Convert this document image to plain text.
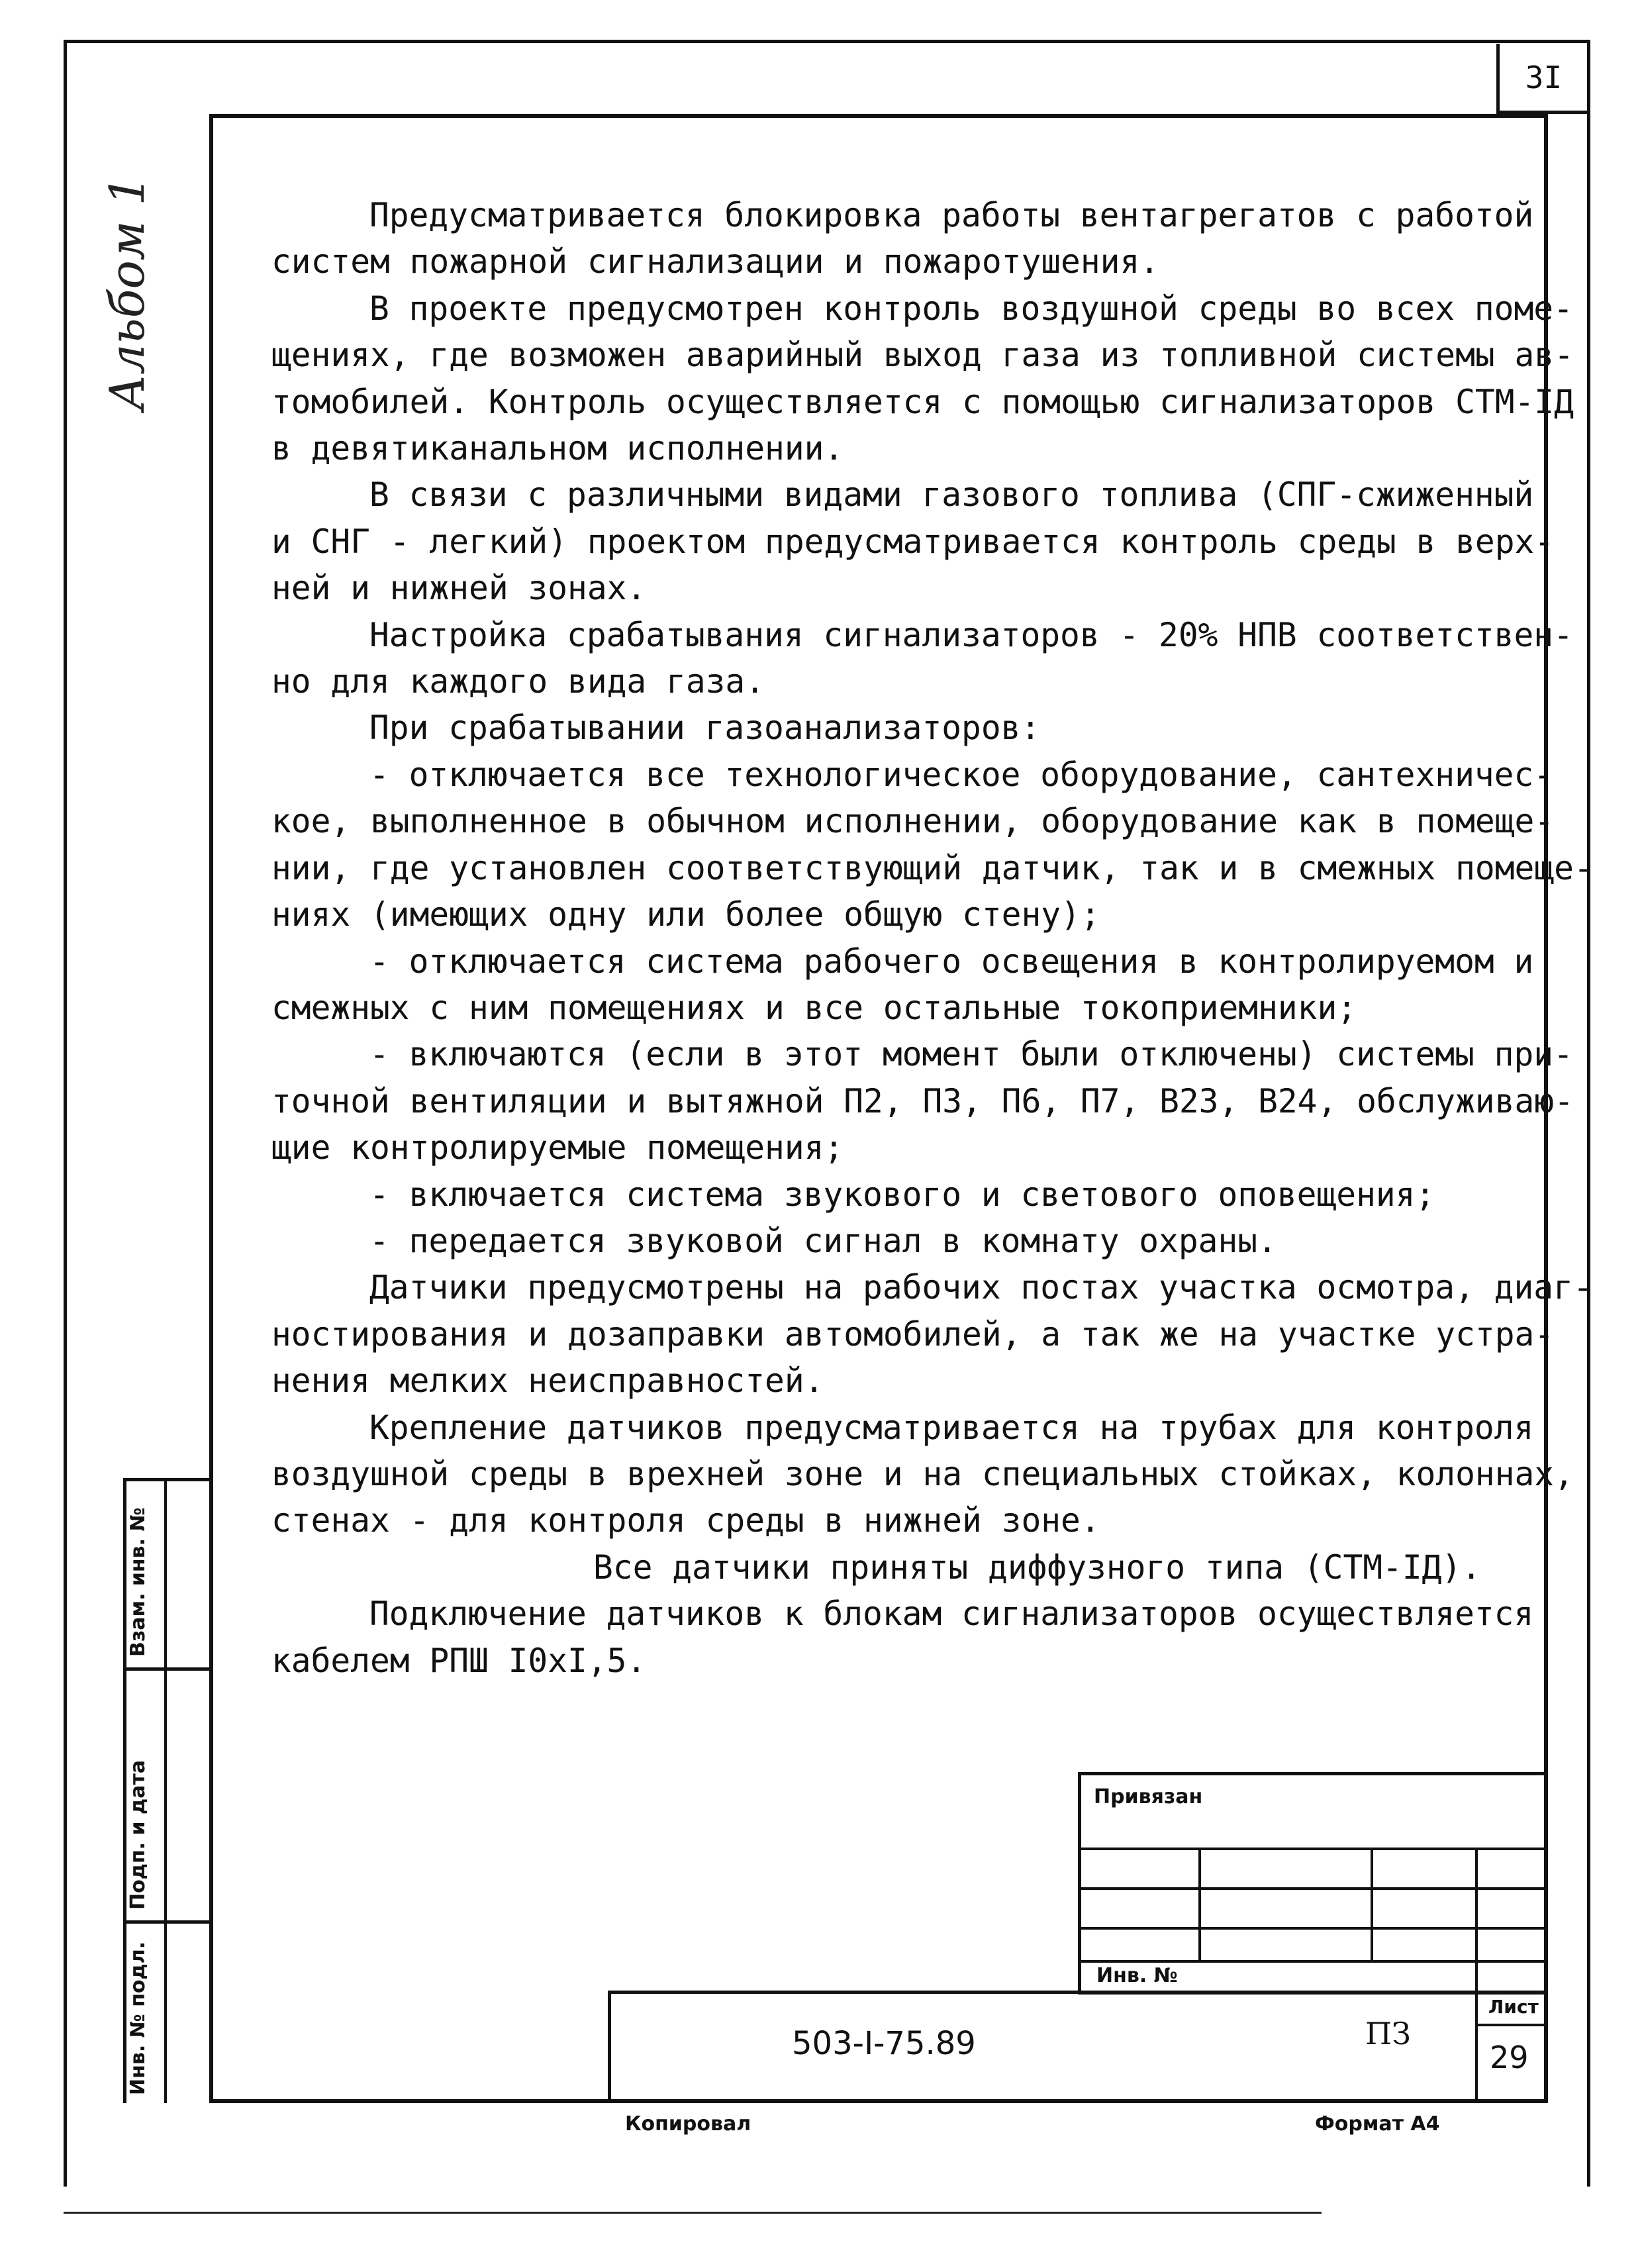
3I
Альбом 1	Предусматривается блокировка работы вентагрегатов с работой

систем пожарной сигнализации и пожаротушения.

В проекте предусмотрен контроль воздушной среды во всех поме-

щениях, где возможен аварийный выход газа из топливной системы ав-

томобилей. Контроль осуществляется с помощью сигнализаторов СТМ-IД

в девятиканальном исполнении.

В связи с различными видами газового топлива (СПГ-сжиженный

и СНГ - легкий) проектом предусматривается контроль среды в верх-

ней и нижней зонах.

Настройка срабатывания сигнализаторов - 20% НПВ соответствен-

но для каждого вида газа.

При срабатывании газоанализаторов:

- отключается все технологическое оборудование, сантехничес-

кое, выполненное в обычном исполнении, оборудование как в помеще-

нии, где установлен соответствующий датчик, так и в смежных помеще-

ниях (имеющих одну или более общую стену);

- отключается система рабочего освещения в контролируемом и

смежных с ним помещениях и все остальные токоприемники;

- включаются (если в этот момент были отключены) системы при-

точной вентиляции и вытяжной П2, П3, П6, П7, В23, В24, обслуживаю-

щие контролируемые помещения;

- включается система звукового и светового оповещения;

- передается звуковой сигнал в комнату охраны.

Датчики предусмотрены на рабочих постах участка осмотра, диаг-

ностирования и дозаправки автомобилей, а так же на участке устра-

нения мелких неисправностей.

Крепление датчиков предусматривается на трубах для контроля

воздушной среды в врехней зоне и на специальных стойках, колоннах,

стенах - для контроля среды в нижней зоне.

Все датчики приняты диффузного типа (СТМ-IД).

Подключение датчиков к блокам сигнализаторов осуществляется

кабелем РПШ I0хI,5.

Взам. инв. №
Подп. и дата
Инв. № подл.
Привязан
Инв. №
503-I-75.89	ПЗ
Лист
29
Копировал	Формат А4
